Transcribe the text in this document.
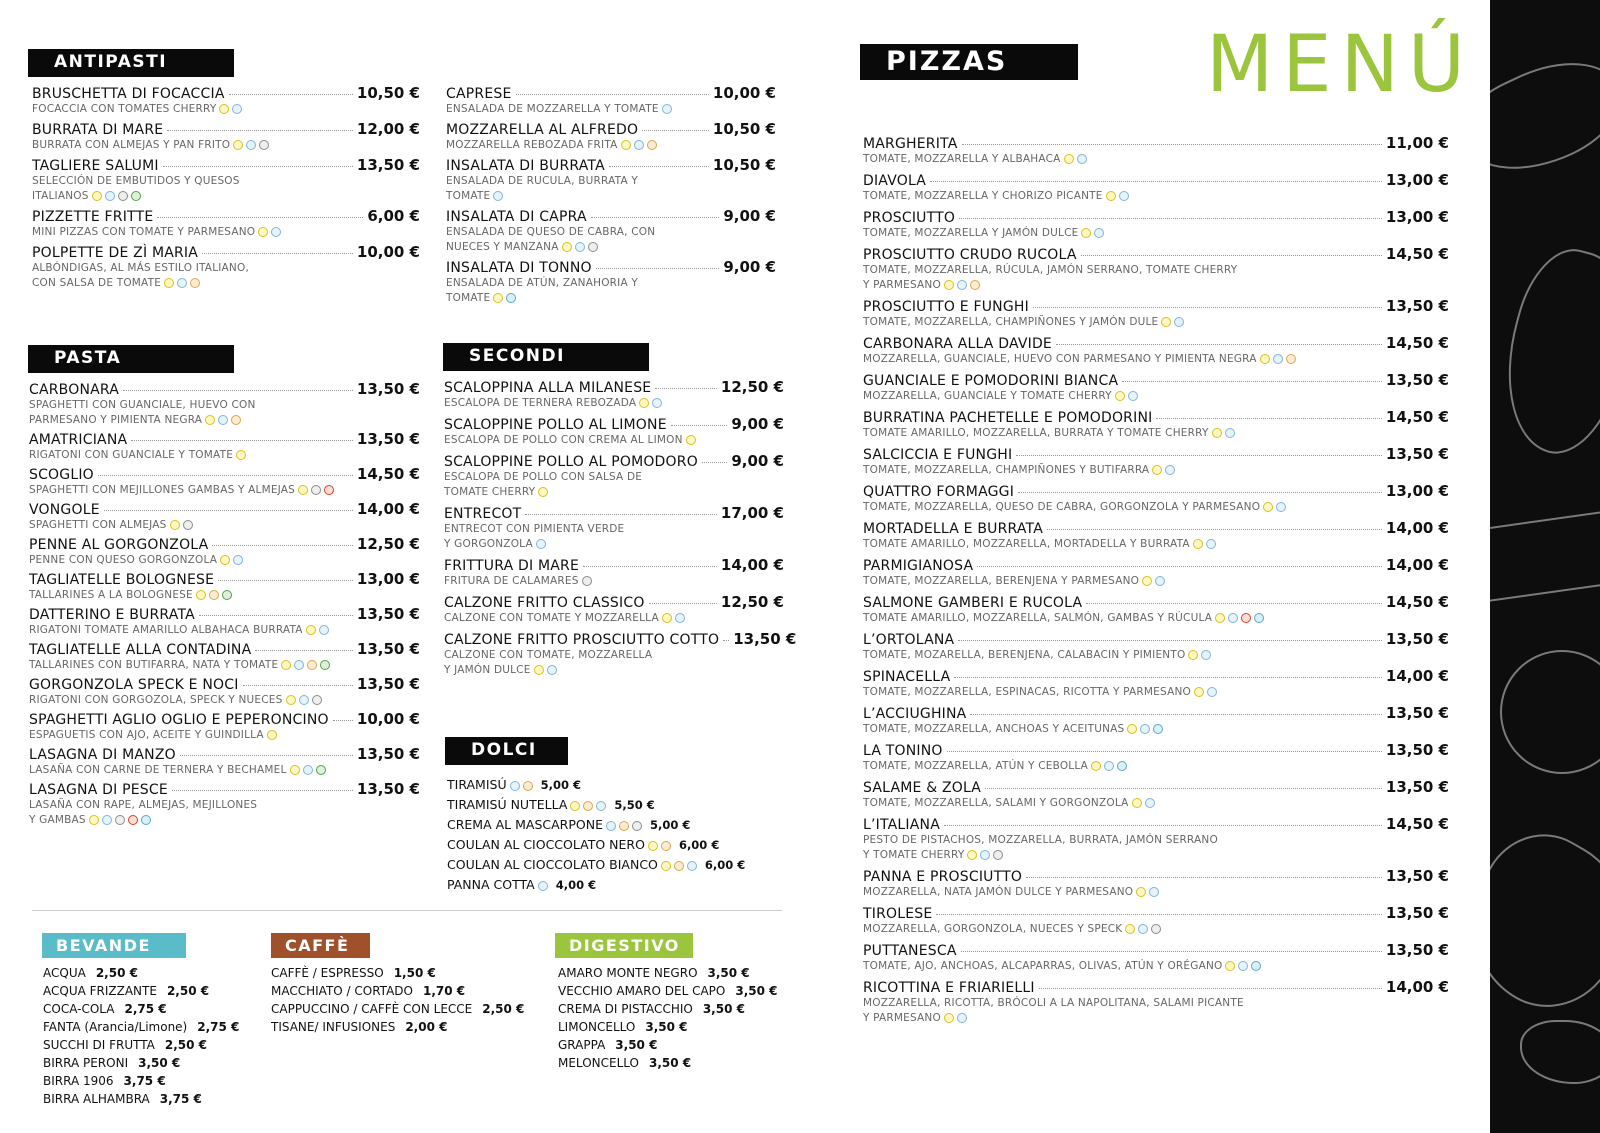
ANTIPASTI
BRUSCHETTA DI FOCACCIA	10,50 €
FOCACCIA CON TOMATES CHERRY
BURRATA DI MARE	12,00 €
BURRATA CON ALMEJAS Y PAN FRITO
TAGLIERE SALUMI	13,50 €
SELECCIÓN DE EMBUTIDOS Y QUESOS
ITALIANOS
PIZZETTE FRITTE	6,00 €
MINI PIZZAS CON TOMATE Y PARMESANO
POLPETTE DE ZÌ MARIA	10,00 €
ALBÓNDIGAS, AL MÁS ESTILO ITALIANO,
CON SALSA DE TOMATE
CAPRESE	10,00 €
ENSALADA DE MOZZARELLA Y TOMATE
MOZZARELLA AL ALFREDO	10,50 €
MOZZARELLA REBOZADA FRITA
INSALATA DI BURRATA	10,50 €
ENSALADA DE RUCULA, BURRATA Y
TOMATE
INSALATA DI CAPRA	9,00 €
ENSALADA DE QUESO DE CABRA, CON
NUECES Y MANZANA
INSALATA DI TONNO	9,00 €
ENSALADA DE ATÚN, ZANAHORIA Y
TOMATE
PASTA
CARBONARA	13,50 €
SPAGHETTI CON GUANCIALE, HUEVO CON
PARMESANO Y PIMIENTA NEGRA
AMATRICIANA	13,50 €
RIGATONI CON GUANCIALE Y TOMATE
SCOGLIO	14,50 €
SPAGHETTI CON MEJILLONES GAMBAS Y ALMEJAS
VONGOLE	14,00 €
SPAGHETTI CON ALMEJAS
PENNE AL GORGONZOLA	12,50 €
PENNE CON QUESO GORGONZOLA
TAGLIATELLE BOLOGNESE	13,00 €
TALLARINES A LA BOLOGNESE
DATTERINO E BURRATA	13,50 €
RIGATONI TOMATE AMARILLO ALBAHACA BURRATA
TAGLIATELLE ALLA CONTADINA	13,50 €
TALLARINES CON BUTIFARRA, NATA Y TOMATE
GORGONZOLA SPECK E NOCI	13,50 €
RIGATONI CON GORGOZOLA, SPECK Y NUECES
SPAGHETTI AGLIO OGLIO E PEPERONCINO 10,00 €
ESPAGUETIS CON AJO, ACEITE Y GUINDILLA
LASAGNA DI MANZO	13,50 €
LASAÑA CON CARNE DE TERNERA Y BECHAMEL
LASAGNA DI PESCE	13,50 €
LASAÑA CON RAPE, ALMEJAS, MEJILLONES
Y GAMBAS
SECONDI
SCALOPPINA ALLA MILANESE	12,50 €
ESCALOPA DE TERNERA REBOZADA
SCALOPPINE POLLO AL LIMONE	9,00 €
ESCALOPA DE POLLO CON CREMA AL LIMON
SCALOPPINE POLLO AL POMODORO 9,00 €
ESCALOPA DE POLLO CON SALSA DE
TOMATE CHERRY
ENTRECOT	17,00 €
ENTRECOT CON PIMIENTA VERDE
Y GORGONZOLA
FRITTURA DI MARE	14,00 €
FRITURA DE CALAMARES
CALZONE FRITTO CLASSICO	12,50 €
CALZONE CON TOMATE Y MOZZARELLA
CALZONE FRITTO PROSCIUTTO COTTO 13,50 €
CALZONE CON TOMATE, MOZZARELLA
Y JAMÓN DULCE
DOLCI
TIRAMISÚ	5,00 €
TIRAMISÚ NUTELLA	5,50 €
CREMA AL MASCARPONE	5,00 €
COULAN AL CIOCCOLATO NERO	6,00 €
COULAN AL CIOCCOLATO BIANCO	6,00 €
PANNA COTTA 4,00 €
BEVANDE
ACQUA 2,50 €
ACQUA FRIZZANTE 2,50 €
COCA-COLA 2,75 €
FANTA (Arancia/Limone) 2,75 €
SUCCHI DI FRUTTA 2,50 €
BIRRA PERONI 3,50 €
BIRRA 1906 3,75 €
BIRRA ALHAMBRA 3,75 €
CAFFÈ
CAFFÈ / ESPRESSO 1,50 €
MACCHIATO / CORTADO 1,70 €
CAPPUCCINO / CAFFÈ CON LECCE 2,50 €
TISANE/ INFUSIONES 2,00 €
DIGESTIVO
AMARO MONTE NEGRO 3,50 €
VECCHIO AMARO DEL CAPO 3,50 €
CREMA DI PISTACCHIO 3,50 €
LIMONCELLO 3,50 €
GRAPPA 3,50 €
MELONCELLO 3,50 €
PIZZAS	MENÚ
MARGHERITA	11,00 €
TOMATE, MOZZARELLA Y ALBAHACA
DIAVOLA	13,00 €
TOMATE, MOZZARELLA Y CHORIZO PICANTE
PROSCIUTTO	13,00 €
TOMATE, MOZZARELLA Y JAMÓN DULCE
PROSCIUTTO CRUDO RUCOLA	14,50 €
TOMATE, MOZZARELLA, RÚCULA, JAMÓN SERRANO, TOMATE CHERRY
Y PARMESANO
PROSCIUTTO E FUNGHI	13,50 €
TOMATE, MOZZARELLA, CHAMPIÑONES Y JAMÓN DULE
CARBONARA ALLA DAVIDE	14,50 €
MOZZARELLA, GUANCIALE, HUEVO CON PARMESANO Y PIMIENTA NEGRA
GUANCIALE E POMODORINI BIANCA	13,50 €
MOZZARELLA, GUANCIALE Y TOMATE CHERRY
BURRATINA PACHETELLE E POMODORINI	14,50 €
TOMATE AMARILLO, MOZZARELLA, BURRATA Y TOMATE CHERRY
SALCICCIA E FUNGHI	13,50 €
TOMATE, MOZZARELLA, CHAMPIÑONES Y BUTIFARRA
QUATTRO FORMAGGI	13,00 €
TOMATE, MOZZARELLA, QUESO DE CABRA, GORGONZOLA Y PARMESANO
MORTADELLA E BURRATA	14,00 €
TOMATE AMARILLO, MOZZARELLA, MORTADELLA Y BURRATA
PARMIGIANOSA	14,00 €
TOMATE, MOZZARELLA, BERENJENA Y PARMESANO
SALMONE GAMBERI E RUCOLA	14,50 €
TOMATE AMARILLO, MOZZARELLA, SALMÓN, GAMBAS Y RÚCULA
L’ORTOLANA	13,50 €
TOMATE, MOZARELLA, BERENJENA, CALABACIN Y PIMIENTO
SPINACELLA	14,00 €
TOMATE, MOZZARELLA, ESPINACAS, RICOTTA Y PARMESANO
L’ACCIUGHINA	13,50 €
TOMATE, MOZZARELLA, ANCHOAS Y ACEITUNAS
LA TONINO	13,50 €
TOMATE, MOZZARELLA, ATÚN Y CEBOLLA
SALAME & ZOLA	13,50 €
TOMATE, MOZZARELLA, SALAMI Y GORGONZOLA
L’ITALIANA	14,50 €
PESTO DE PISTACHOS, MOZZARELLA, BURRATA, JAMÓN SERRANO
Y TOMATE CHERRY
PANNA E PROSCIUTTO	13,50 €
MOZZARELLA, NATA JAMÓN DULCE Y PARMESANO
TIROLESE	13,50 €
MOZZARELLA, GORGONZOLA, NUECES Y SPECK
PUTTANESCA	13,50 €
TOMATE, AJO, ANCHOAS, ALCAPARRAS, OLIVAS, ATÚN Y ORÉGANO
RICOTTINA E FRIARIELLI	14,00 €
MOZZARELLA, RICOTTA, BRÓCOLI A LA NAPOLITANA, SALAMI PICANTE
Y PARMESANO
